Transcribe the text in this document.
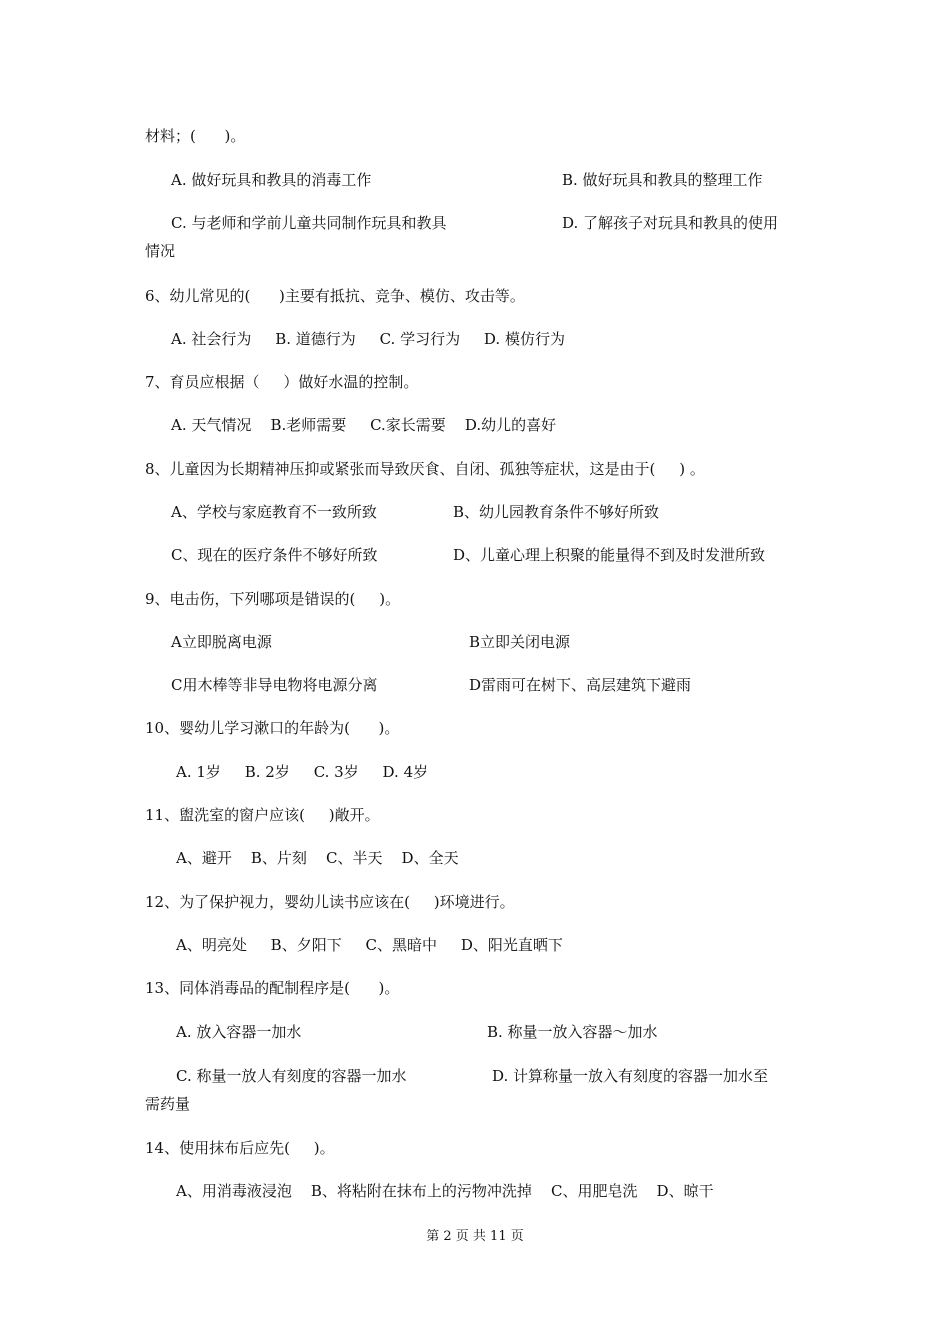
材料；(      )。
A. 做好玩具和教具的消毒工作	B. 做好玩具和教具的整理工作
C. 与老师和学前儿童共同制作玩具和教具	D. 了解孩子对玩具和教具的使用
情况
6、幼儿常见的(      )主要有抵抗、竞争、模仿、攻击等。
A. 社会行为     B. 道德行为     C. 学习行为     D. 模仿行为
7、育员应根据（     ）做好水温的控制。
A. 天气情况    B.老师需要     C.家长需要    D.幼儿的喜好
8、儿童因为长期精神压抑或紧张而导致厌食、自闭、孤独等症状，这是由于(     ) 。
A、学校与家庭教育不一致所致	B、幼儿园教育条件不够好所致
C、现在的医疗条件不够好所致	D、儿童心理上积聚的能量得不到及时发泄所致
9、电击伤，下列哪项是错误的(     )。
A立即脱离电源	B立即关闭电源
C用木棒等非导电物将电源分离	D雷雨可在树下、高层建筑下避雨
10、婴幼儿学习漱口的年龄为(      )。
A. 1岁     B. 2岁     C. 3岁     D. 4岁
11、盥洗室的窗户应该(     )敞开。
A、避开    B、片刻    C、半天    D、全天
12、为了保护视力，婴幼儿读书应该在(     )环境进行。
A、明亮处     B、夕阳下     C、黑暗中     D、阳光直晒下
13、同体消毒品的配制程序是(      )。
A. 放入容器一加水	B. 称量一放入容器～加水
C. 称量一放人有刻度的容器一加水	D. 计算称量一放入有刻度的容器一加水至
需药量
14、使用抹布后应先(     )。
A、用消毒液浸泡    B、将粘附在抹布上的污物冲洗掉    C、用肥皂洗    D、晾干
第 2 页 共 11 页
